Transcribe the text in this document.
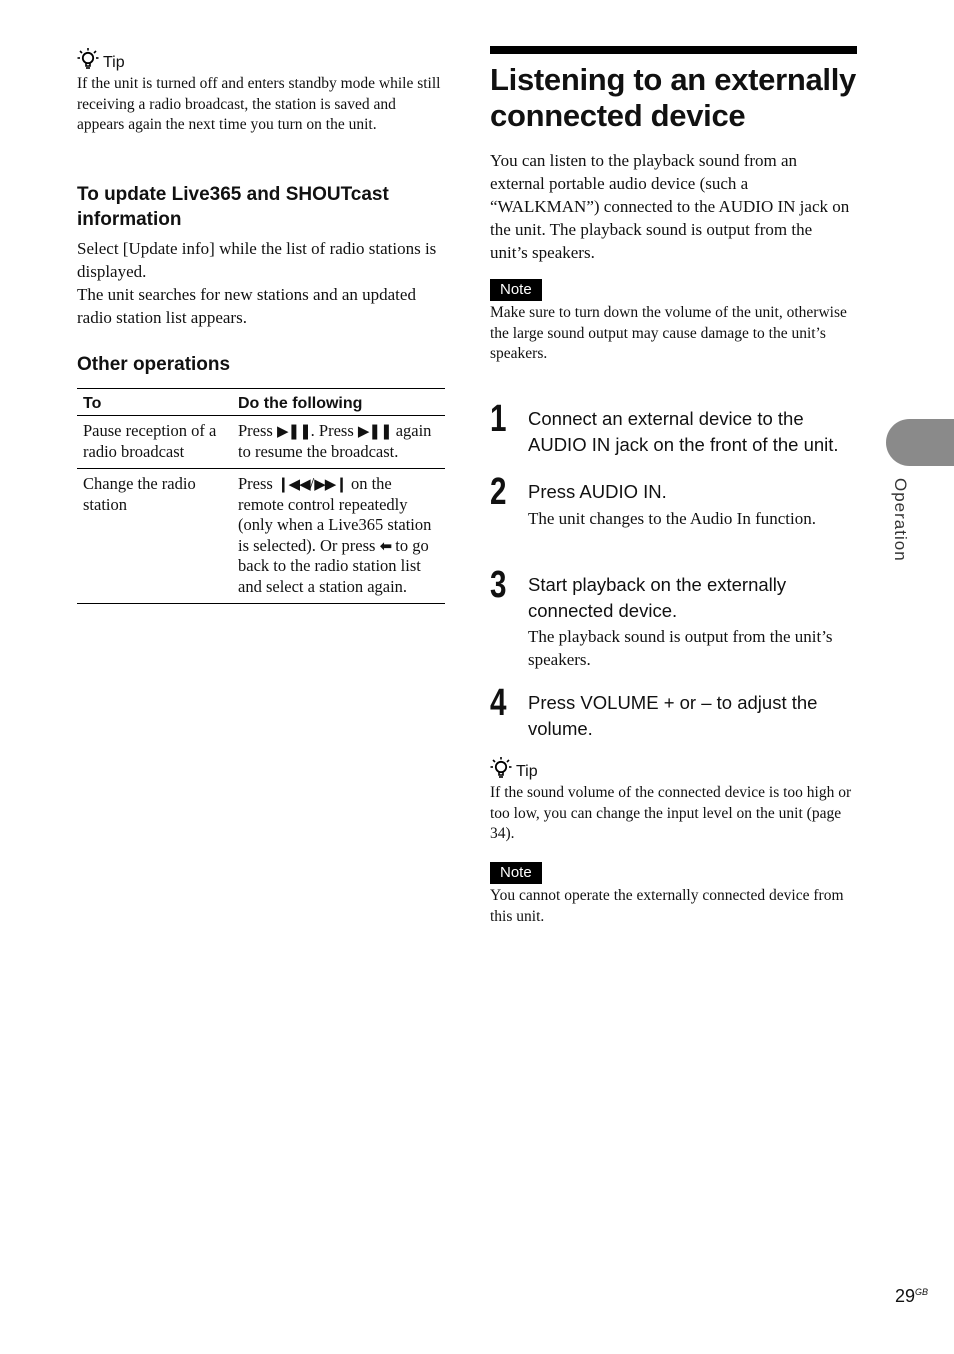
Tip
If the unit is turned off and enters standby mode while still receiving a radio broadcast, the station is saved and appears again the next time you turn on the unit.
To update Live365 and SHOUTcast information
Select [Update info] while the list of radio stations is displayed.
The unit searches for new stations and an updated radio station list appears.
Other operations
To	Do the following
Pause reception of a radio broadcast	Press ▶❚❚. Press ▶❚❚ again to resume the broadcast.
Change the radio station	Press ❙◀◀/▶▶❙ on the remote control repeatedly (only when a Live365 station is selected). Or press ⬅ to go back to the radio station list and select a station again.
Listening to an externally connected device
You can listen to the playback sound from an external portable audio device (such a “WALKMAN”) connected to the AUDIO IN jack on the unit. The playback sound is output from the unit’s speakers.
Note
Make sure to turn down the volume of the unit, otherwise the large sound output may cause damage to the unit’s speakers.
1 Connect an external device to the AUDIO IN jack on the front of the unit.
2 Press AUDIO IN.
The unit changes to the Audio In function.
3 Start playback on the externally connected device.
The playback sound is output from the unit’s speakers.
4 Press VOLUME + or – to adjust the volume.
Tip
If the sound volume of the connected device is too high or too low, you can change the input level on the unit (page 34).
Note
You cannot operate the externally connected device from this unit.
Operation
$29^{GB}$
